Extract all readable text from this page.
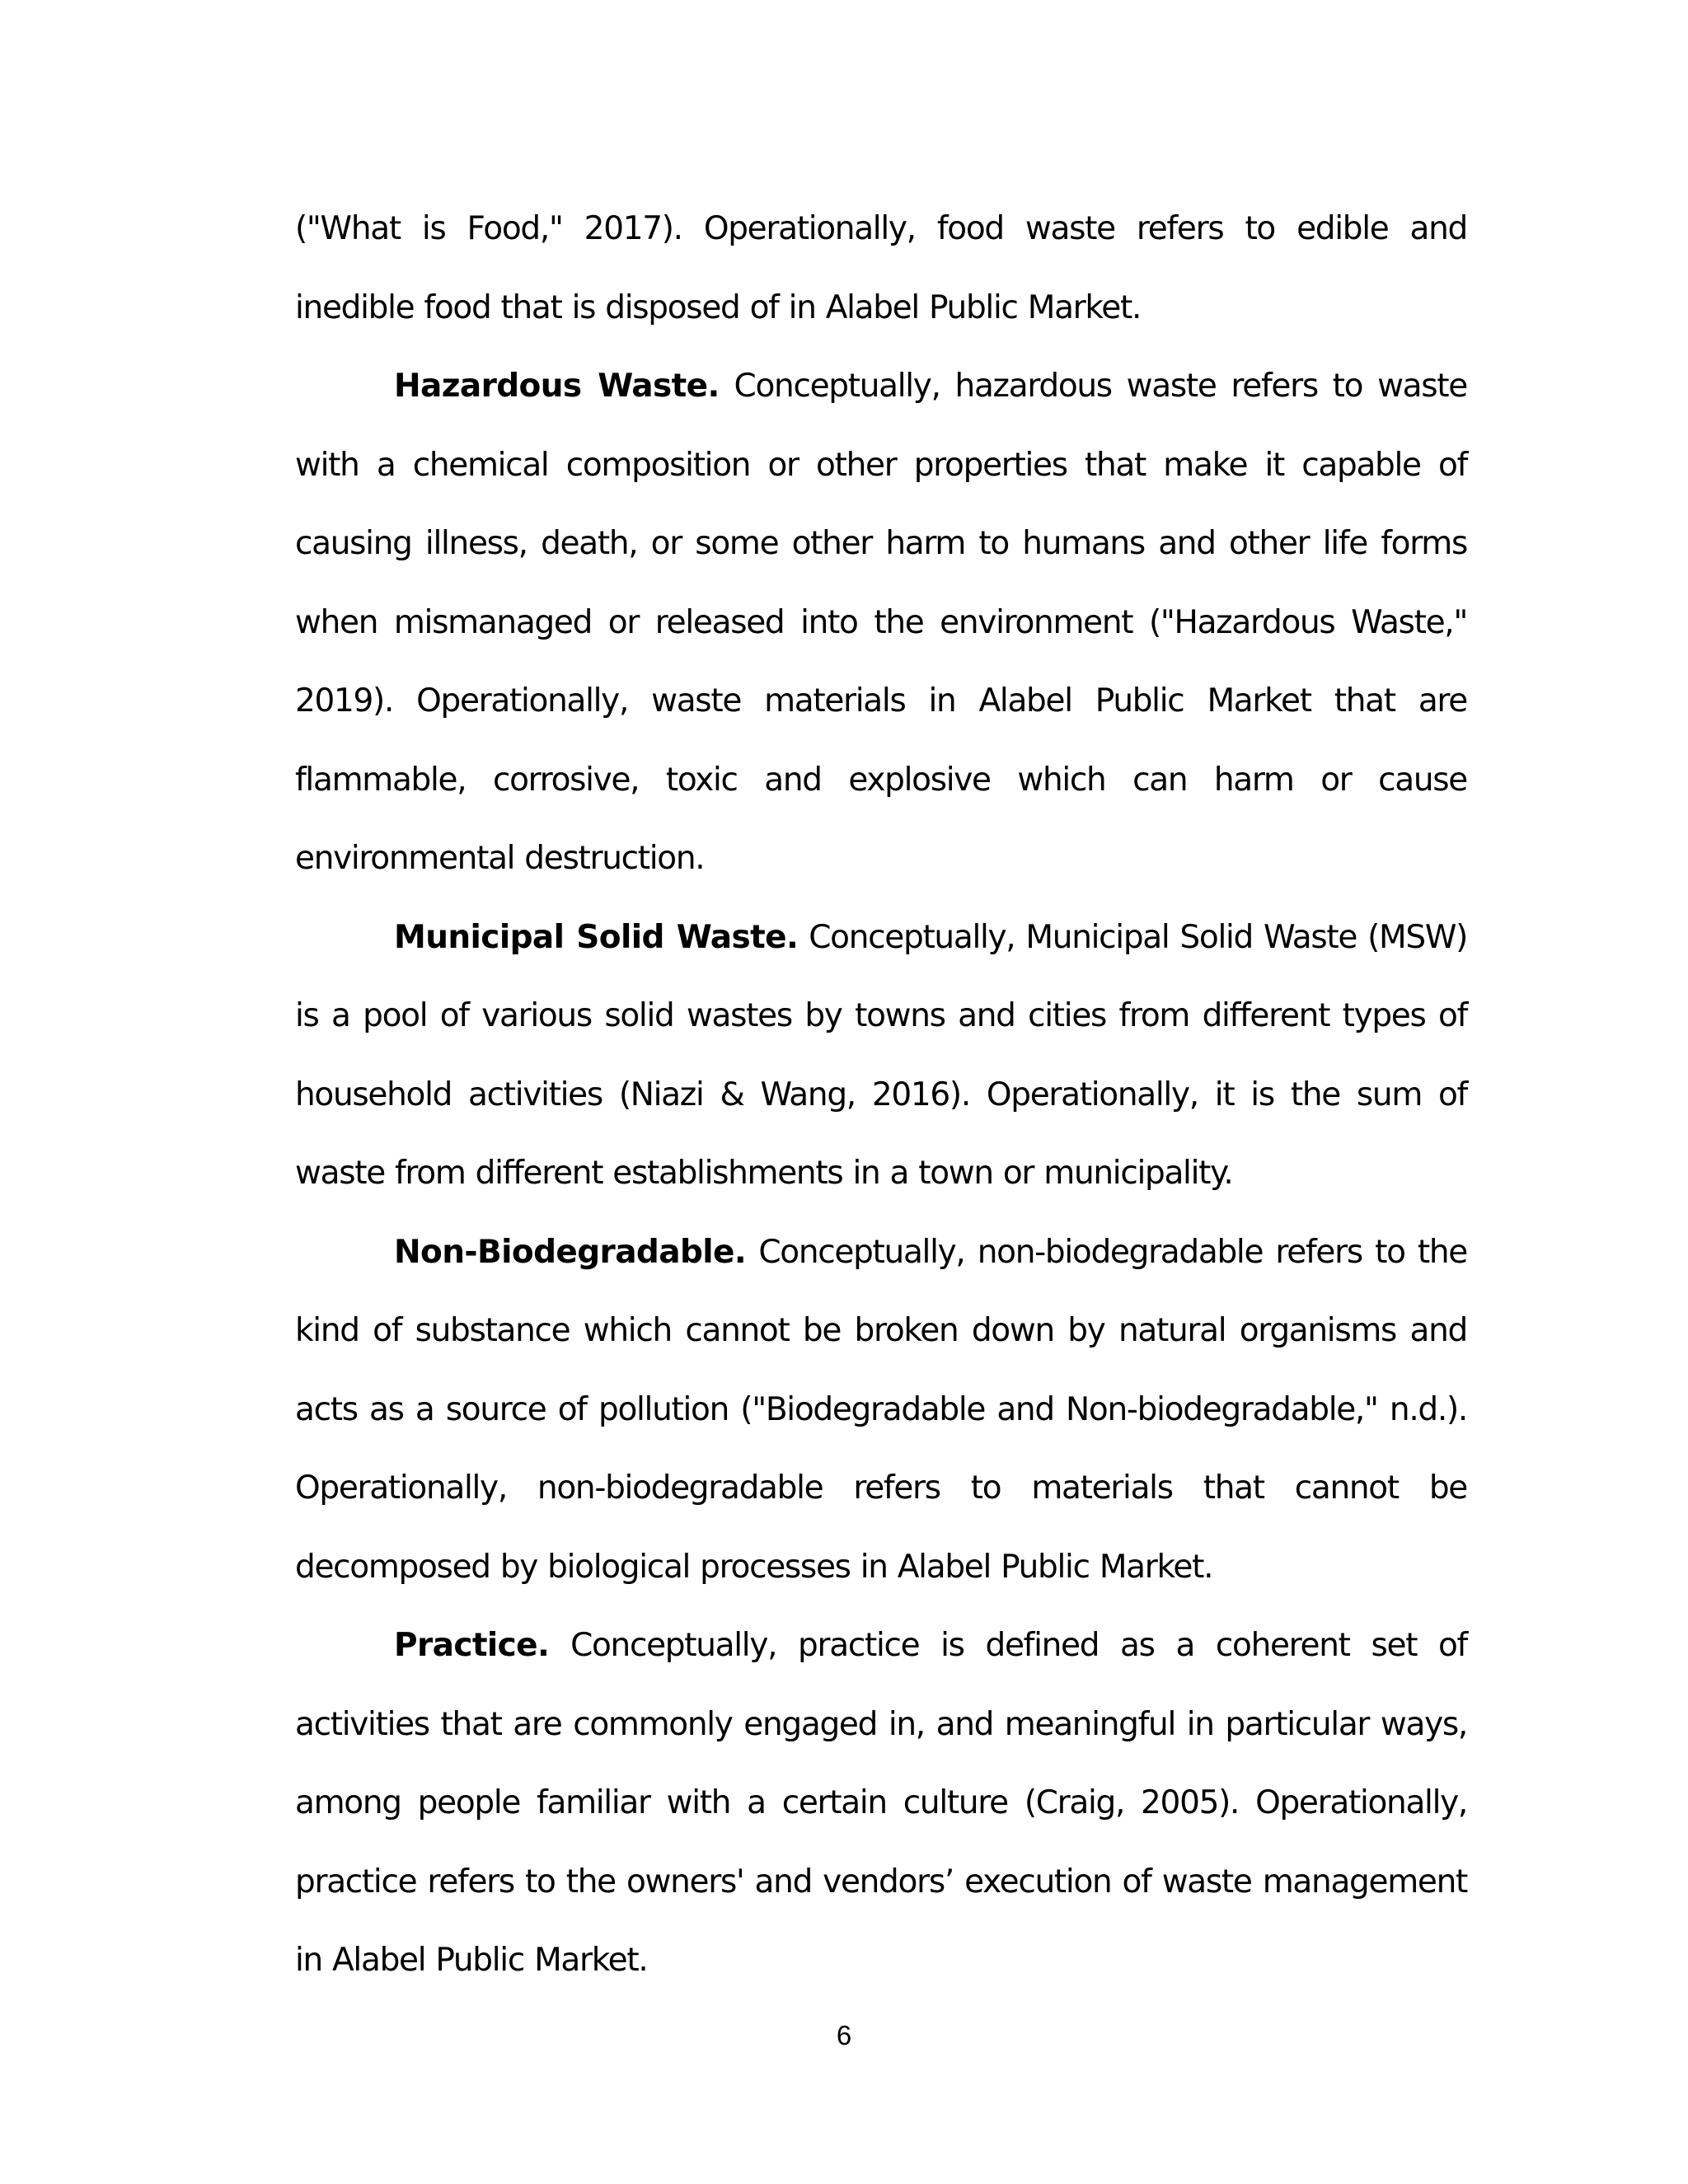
("What is Food," 2017). Operationally, food waste refers to edible and inedible food that is disposed of in Alabel Public Market.

Hazardous Waste. Conceptually, hazardous waste refers to waste with a chemical composition or other properties that make it capable of causing illness, death, or some other harm to humans and other life forms when mismanaged or released into the environment ("Hazardous Waste," 2019). Operationally, waste materials in Alabel Public Market that are flammable, corrosive, toxic and explosive which can harm or cause environmental destruction.

Municipal Solid Waste. Conceptually, Municipal Solid Waste (MSW) is a pool of various solid wastes by towns and cities from different types of household activities (Niazi & Wang, 2016). Operationally, it is the sum of waste from different establishments in a town or municipality.

Non-Biodegradable. Conceptually, non-biodegradable refers to the kind of substance which cannot be broken down by natural organisms and acts as a source of pollution ("Biodegradable and Non-biodegradable," n.d.). Operationally, non-biodegradable refers to materials that cannot be decomposed by biological processes in Alabel Public Market.

Practice. Conceptually, practice is defined as a coherent set of activities that are commonly engaged in, and meaningful in particular ways, among people familiar with a certain culture (Craig, 2005). Operationally, practice refers to the owners' and vendors’ execution of waste management in Alabel Public Market.

6
